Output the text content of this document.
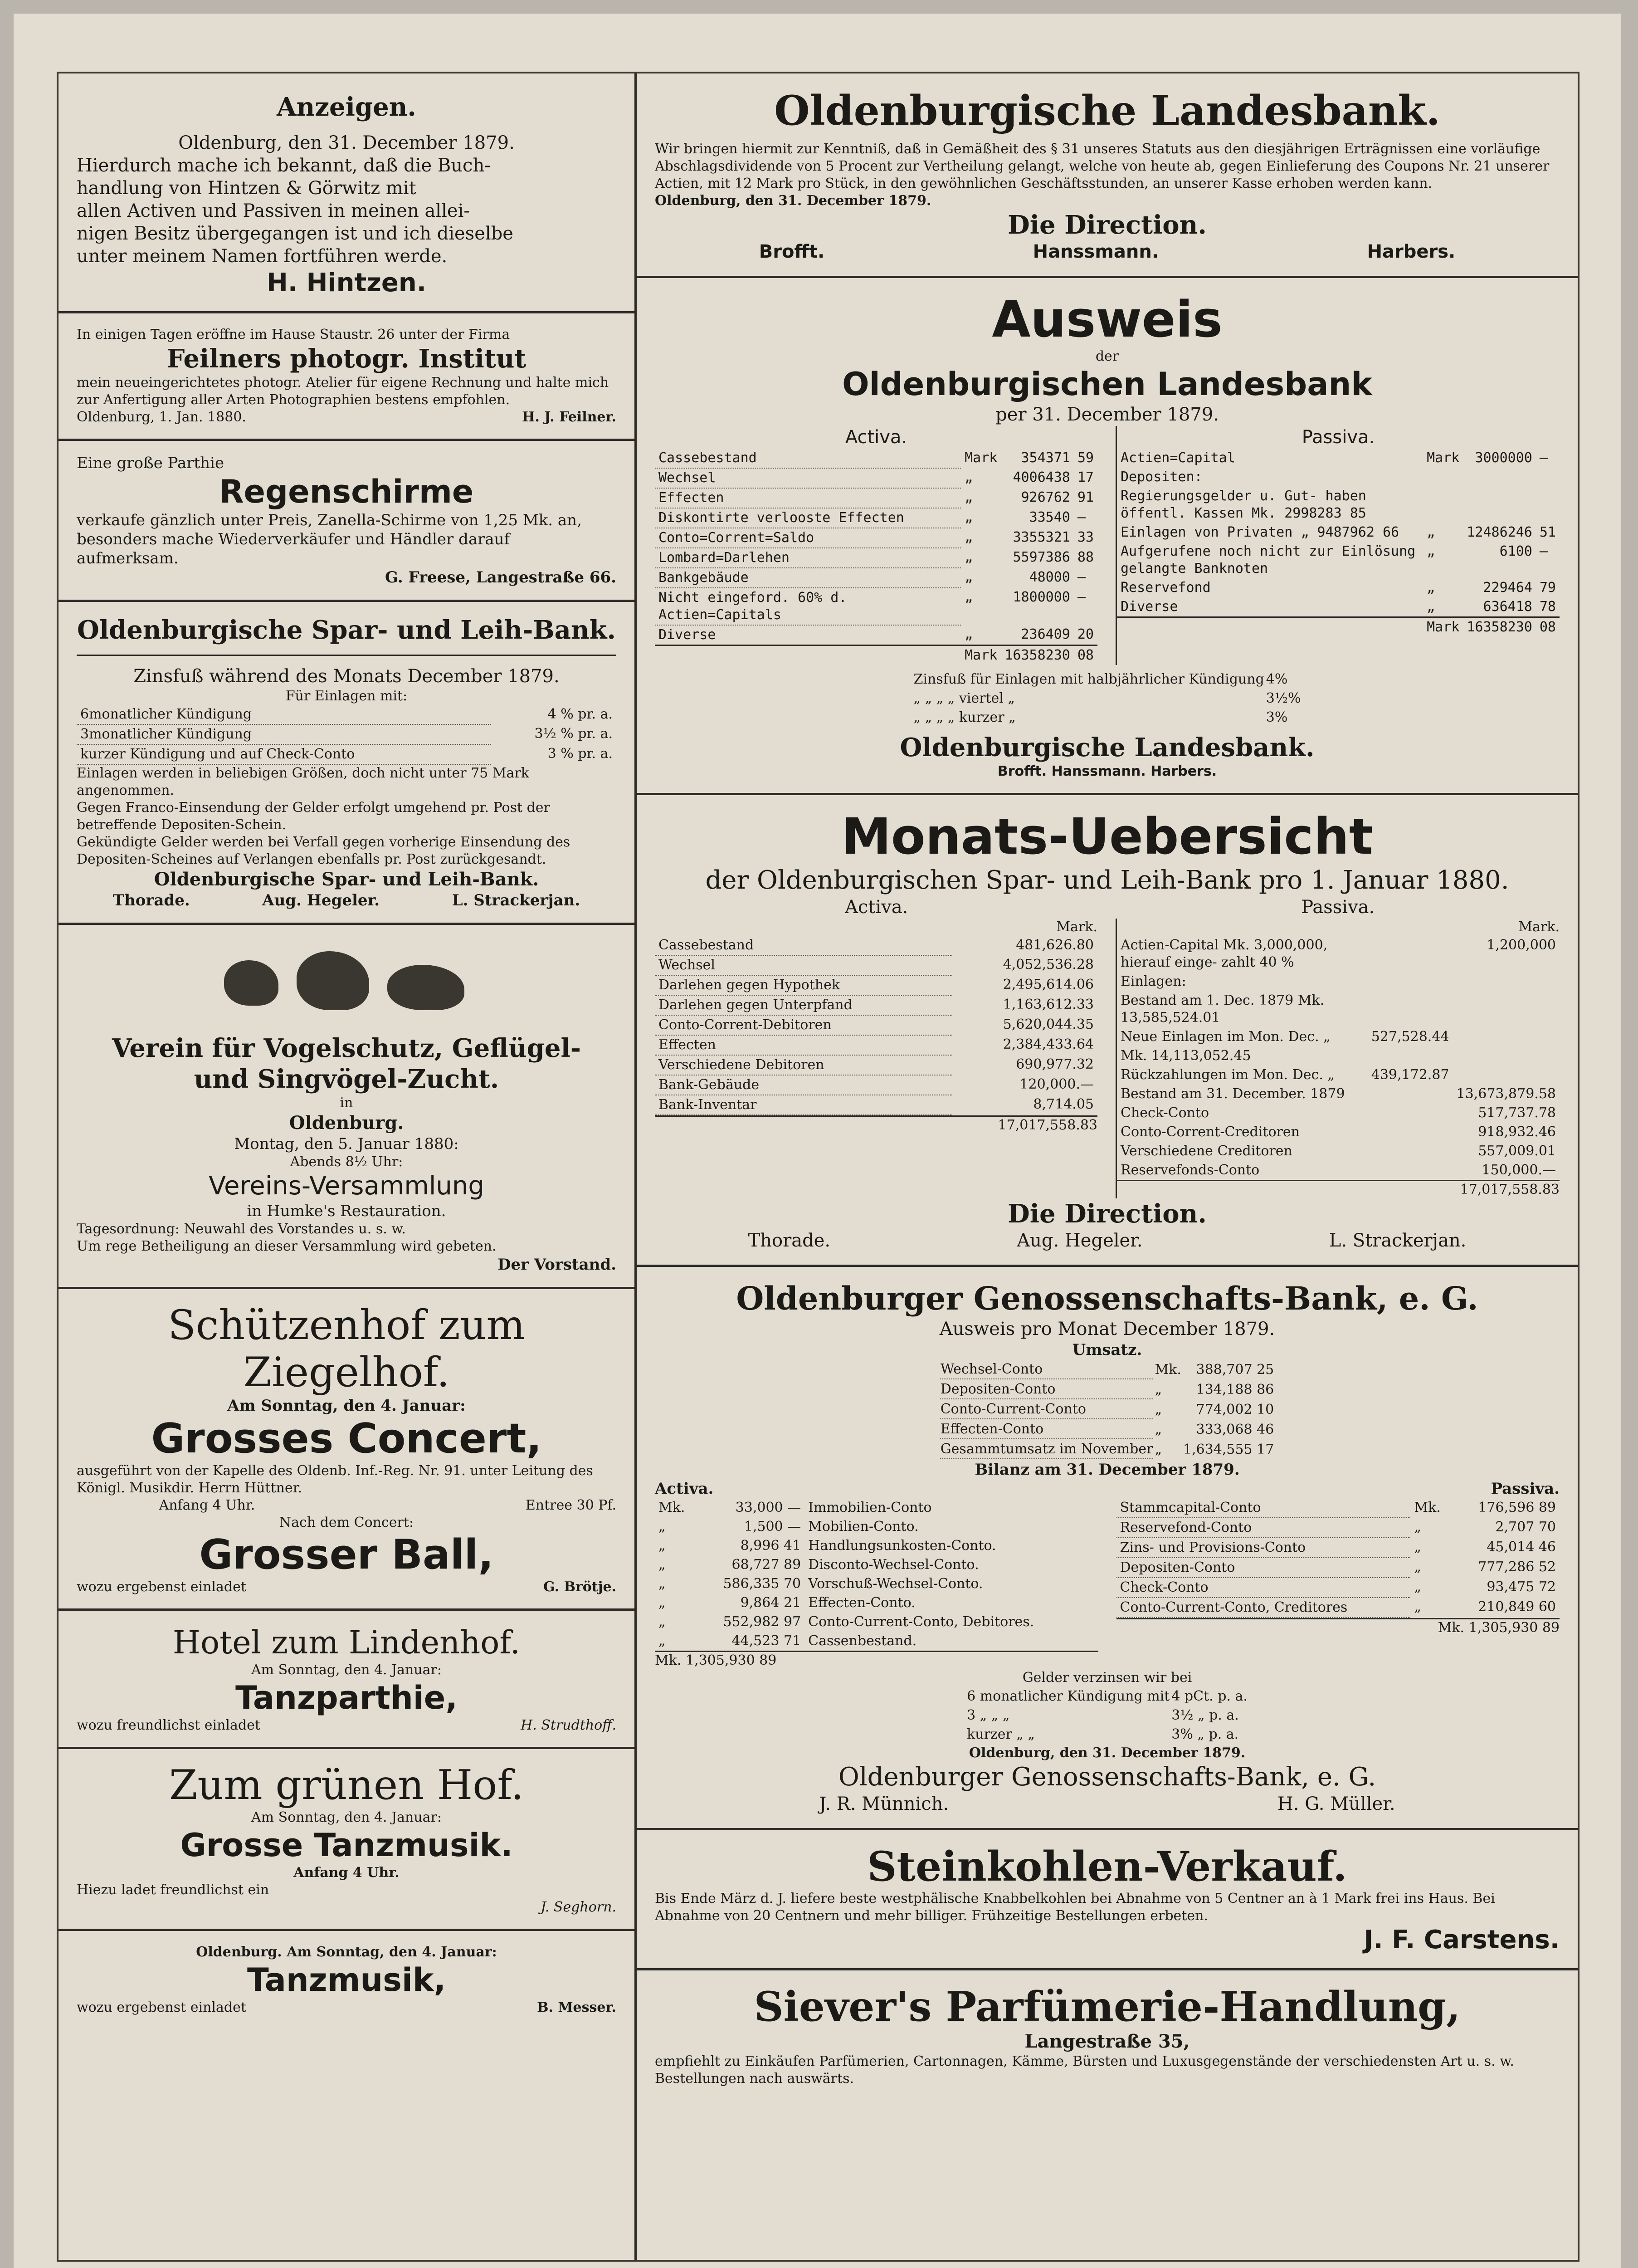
Anzeigen.
Oldenburg, den 31. December 1879.
Hierdurch mache ich bekannt, daß die Buch-
handlung von Hintzen & Görwitz mit
allen Activen und Passiven in meinen allei-
nigen Besitz übergegangen ist und ich dieselbe
unter meinem Namen fortführen werde.
H. Hintzen.
In einigen Tagen eröffne im Hause Staustr. 26 unter der Firma
Feilners photogr. Institut
mein neueingerichtetes photogr. Atelier für eigene Rechnung und halte mich zur Anfertigung aller Arten Photographien bestens empfohlen.
Oldenburg, 1. Jan. 1880.	H. J. Feilner.
Eine große Parthie
Regenschirme
verkaufe gänzlich unter Preis, Zanella-Schirme von 1,25 Mk. an, besonders mache Wiederverkäufer und Händler darauf aufmerksam.
G. Freese, Langestraße 66.
Oldenburgische Spar- und Leih-Bank.
Zinsfuß während des Monats December 1879.
Für Einlagen mit:
6monatlicher Kündigung	4 % pr. a.
3monatlicher Kündigung	3½ % pr. a.
kurzer Kündigung und auf Check-Conto	3 % pr. a.
Einlagen werden in beliebigen Größen, doch nicht unter 75 Mark angenommen.
Gegen Franco-Einsendung der Gelder erfolgt umgehend pr. Post der betreffende Depositen-Schein.
Gekündigte Gelder werden bei Verfall gegen vorherige Einsendung des Depositen-Scheines auf Verlangen ebenfalls pr. Post zurückgesandt.
Oldenburgische Spar- und Leih-Bank.
Thorade.	Aug. Hegeler.	L. Strackerjan.
Verein für Vogelschutz, Geflügel-
und Singvögel-Zucht.
in
Oldenburg.
Montag, den 5. Januar 1880:
Abends 8½ Uhr:
Vereins-Versammlung
in Humke's Restauration.
Tagesordnung: Neuwahl des Vorstandes u. s. w.
Um rege Betheiligung an dieser Versammlung wird gebeten.
Der Vorstand.
Schützenhof zum Ziegelhof.
Am Sonntag, den 4. Januar:
Grosses Concert,
ausgeführt von der Kapelle des Oldenb. Inf.-Reg. Nr. 91. unter Leitung des Königl. Musikdir. Herrn Hüttner.
Anfang 4 Uhr.	Entree 30 Pf.
Nach dem Concert:
Grosser Ball,
wozu ergebenst einladet	G. Brötje.
Hotel zum Lindenhof.
Am Sonntag, den 4. Januar:
Tanzparthie,
wozu freundlichst einladet	H. Strudthoff.
Zum grünen Hof.
Am Sonntag, den 4. Januar:
Grosse Tanzmusik.
Anfang 4 Uhr.
Hiezu ladet freundlichst ein
J. Seghorn.
Oldenburg. Am Sonntag, den 4. Januar:
Tanzmusik,
wozu ergebenst einladet	B. Messer.
Oldenburgische Landesbank.
Wir bringen hiermit zur Kenntniß, daß in Gemäßheit des § 31 unseres Statuts aus den diesjährigen Erträgnissen eine vorläufige Abschlagsdividende von 5 Procent zur Vertheilung gelangt, welche von heute ab, gegen Einlieferung des Coupons Nr. 21 unserer Actien, mit 12 Mark pro Stück, in den gewöhnlichen Geschäftsstunden, an unserer Kasse erhoben werden kann.
Oldenburg, den 31. December 1879.
Die Direction.
Brofft.	Hanssmann.	Harbers.
Ausweis
der
Oldenburgischen Landesbank
per 31. December 1879.
Activa.
Cassebestand	Mark	354371	59
Wechsel	„	4006438	17
Effecten	„	926762	91
Diskontirte verlooste Effecten	„	33540	—
Conto=Corrent=Saldo	„	3355321	33
Lombard=Darlehen	„	5597386	88
Bankgebäude	„	48000	—
Nicht eingeford. 60% d. Actien=Capitals	„	1800000	—
Diverse	„	236409	20
	Mark	16358230	08
Passiva.
Actien=Capital	Mark	3000000	—
Depositen:			
Regierungsgelder u. Gut- haben öffentl. Kassen Mk. 2998283 85			
Einlagen von Privaten „ 9487962 66	„	12486246	51
Aufgerufene noch nicht zur Einlösung gelangte Banknoten	„	6100	—
Reservefond	„	229464	79
Diverse	„	636418	78
	Mark	16358230	08
Zinsfuß für Einlagen mit halbjährlicher Kündigung	4%
„ „ „ „ viertel „	3½%
„ „ „ „ kurzer „	3%
Oldenburgische Landesbank.
Brofft. Hanssmann. Harbers.
Monats-Uebersicht
der Oldenburgischen Spar- und Leih-Bank pro 1. Januar 1880.
Activa.	Passiva.
Mark.
Cassebestand	481,626.80
Wechsel	4,052,536.28
Darlehen gegen Hypothek	2,495,614.06
Darlehen gegen Unterpfand	1,163,612.33
Conto-Corrent-Debitoren	5,620,044.35
Effecten	2,384,433.64
Verschiedene Debitoren	690,977.32
Bank-Gebäude	120,000.—
Bank-Inventar	8,714.05
17,017,558.83
Mark.
Actien-Capital Mk. 3,000,000, hierauf einge- zahlt 40 %		1,200,000
Einlagen:		
Bestand am 1. Dec. 1879 Mk. 13,585,524.01		
Neue Einlagen im Mon. Dec. „	527,528.44	
Mk. 14,113,052.45		
Rückzahlungen im Mon. Dec. „	439,172.87	
Bestand am 31. December. 1879		13,673,879.58
Check-Conto		517,737.78
Conto-Corrent-Creditoren		918,932.46
Verschiedene Creditoren		557,009.01
Reservefonds-Conto		150,000.—
17,017,558.83
Die Direction.
Thorade.	Aug. Hegeler.	L. Strackerjan.
Oldenburger Genossenschafts-Bank, e. G.
Ausweis pro Monat December 1879.
Umsatz.
Wechsel-Conto	Mk.	388,707 25
Depositen-Conto	„	134,188 86
Conto-Current-Conto	„	774,002 10
Effecten-Conto	„	333,068 46
Gesammtumsatz im November	„	1,634,555 17
Bilanz am 31. December 1879.
Activa.
Mk.	33,000 —	Immobilien-Conto
„	1,500 —	Mobilien-Conto.
„	8,996 41	Handlungsunkosten-Conto.
„	68,727 89	Disconto-Wechsel-Conto.
„	586,335 70	Vorschuß-Wechsel-Conto.
„	9,864 21	Effecten-Conto.
„	552,982 97	Conto-Current-Conto, Debitores.
„	44,523 71	Cassenbestand.
Mk. 1,305,930 89
Passiva.
Stammcapital-Conto	Mk.	176,596 89
Reservefond-Conto	„	2,707 70
Zins- und Provisions-Conto	„	45,014 46
Depositen-Conto	„	777,286 52
Check-Conto	„	93,475 72
Conto-Current-Conto, Creditores	„	210,849 60
Mk. 1,305,930 89
Gelder verzinsen wir bei
6 monatlicher Kündigung mit	4 pCt. p. a.
3 „ „ „	3½ „ p. a.
kurzer „ „	3% „ p. a.
Oldenburg, den 31. December 1879.
Oldenburger Genossenschafts-Bank, e. G.
J. R. Münnich.	H. G. Müller.
Steinkohlen-Verkauf.
Bis Ende März d. J. liefere beste westphälische Knabbelkohlen bei Abnahme von 5 Centner an à 1 Mark frei ins Haus. Bei Abnahme von 20 Centnern und mehr billiger. Frühzeitige Bestellungen erbeten.
J. F. Carstens.
Siever's Parfümerie-Handlung,
Langestraße 35,
empfiehlt zu Einkäufen Parfümerien, Cartonnagen, Kämme, Bürsten und Luxusgegenstände der verschiedensten Art u. s. w. Bestellungen nach auswärts.
